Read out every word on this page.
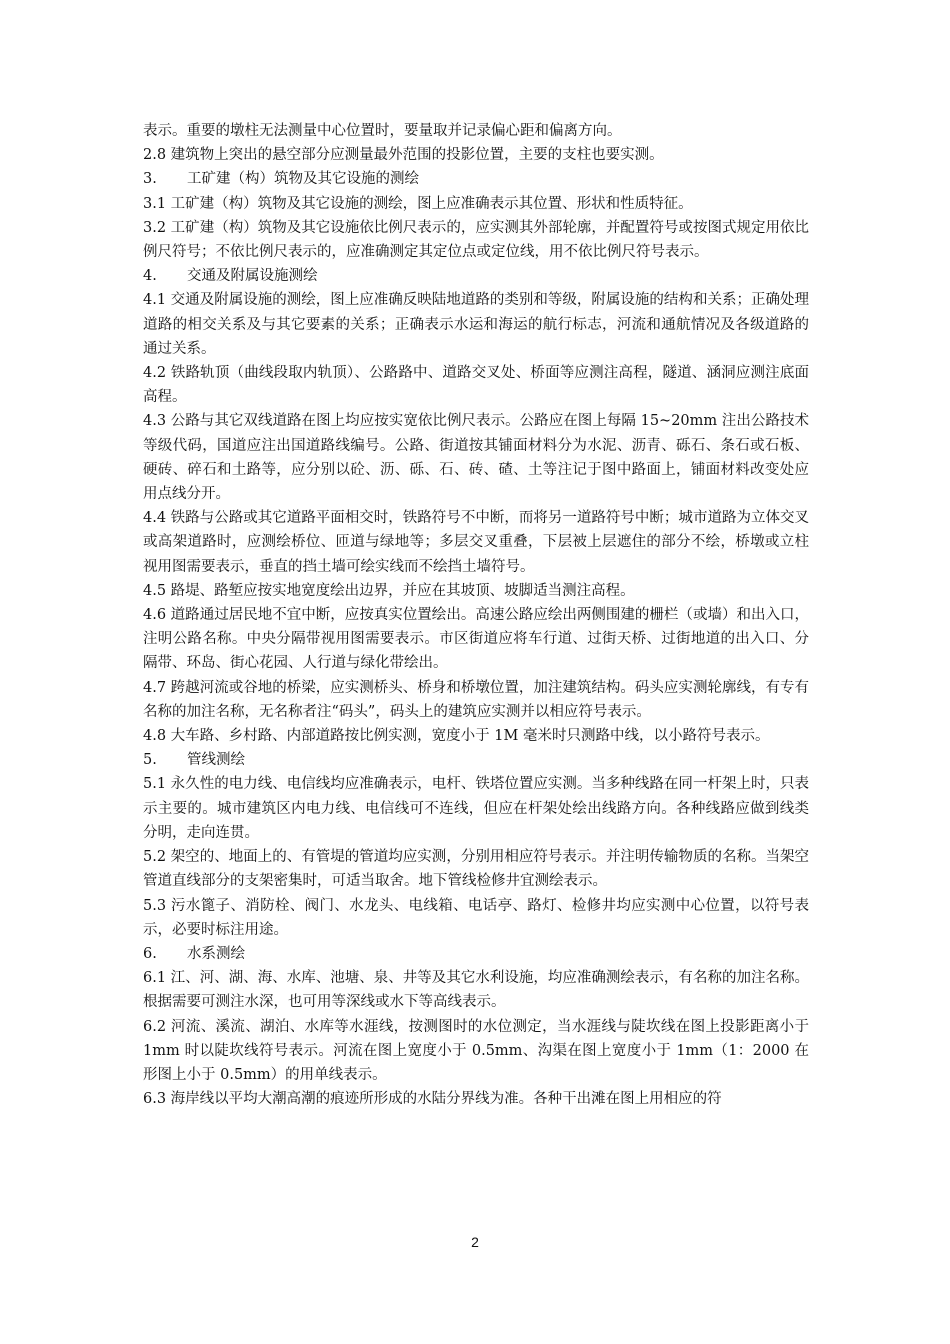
表示。重要的墩柱无法测量中心位置时，要量取并记录偏心距和偏离方向。

2.8 建筑物上突出的悬空部分应测量最外范围的投影位置，主要的支柱也要实测。

3. 工矿建（构）筑物及其它设施的测绘

3.1 工矿建（构）筑物及其它设施的测绘，图上应准确表示其位置、形状和性质特征。

3.2 工矿建（构）筑物及其它设施依比例尺表示的，应实测其外部轮廓，并配置符号或按图式规定用依比例尺符号；不依比例尺表示的，应准确测定其定位点或定位线，用不依比例尺符号表示。

4. 交通及附属设施测绘

4.1 交通及附属设施的测绘，图上应准确反映陆地道路的类别和等级，附属设施的结构和关系；正确处理道路的相交关系及与其它要素的关系；正确表示水运和海运的航行标志，河流和通航情况及各级道路的通过关系。

4.2 铁路轨顶（曲线段取内轨顶）、公路路中、道路交叉处、桥面等应测注高程，隧道、涵洞应测注底面高程。

4.3 公路与其它双线道路在图上均应按实宽依比例尺表示。公路应在图上每隔 15~20mm 注出公路技术等级代码，国道应注出国道路线编号。公路、街道按其铺面材料分为水泥、沥青、砾石、条石或石板、硬砖、碎石和土路等，应分别以砼、沥、砾、石、砖、碴、土等注记于图中路面上，铺面材料改变处应用点线分开。

4.4 铁路与公路或其它道路平面相交时，铁路符号不中断，而将另一道路符号中断；城市道路为立体交叉或高架道路时，应测绘桥位、匝道与绿地等；多层交叉重叠，下层被上层遮住的部分不绘，桥墩或立柱视用图需要表示，垂直的挡土墙可绘实线而不绘挡土墙符号。

4.5 路堤、路堑应按实地宽度绘出边界，并应在其坡顶、坡脚适当测注高程。

4.6 道路通过居民地不宜中断，应按真实位置绘出。高速公路应绘出两侧围建的栅栏（或墙）和出入口，注明公路名称。中央分隔带视用图需要表示。市区街道应将车行道、过街天桥、过街地道的出入口、分隔带、环岛、街心花园、人行道与绿化带绘出。

4.7 跨越河流或谷地的桥梁，应实测桥头、桥身和桥墩位置，加注建筑结构。码头应实测轮廓线，有专有名称的加注名称，无名称者注“码头”，码头上的建筑应实测并以相应符号表示。

4.8 大车路、乡村路、内部道路按比例实测，宽度小于 1M 毫米时只测路中线，以小路符号表示。

5. 管线测绘

5.1 永久性的电力线、电信线均应准确表示，电杆、铁塔位置应实测。当多种线路在同一杆架上时，只表示主要的。城市建筑区内电力线、电信线可不连线，但应在杆架处绘出线路方向。各种线路应做到线类分明，走向连贯。

5.2 架空的、地面上的、有管堤的管道均应实测，分别用相应符号表示。并注明传输物质的名称。当架空管道直线部分的支架密集时，可适当取舍。地下管线检修井宜测绘表示。

5.3 污水篦子、消防栓、阀门、水龙头、电线箱、电话亭、路灯、检修井均应实测中心位置，以符号表示，必要时标注用途。

6. 水系测绘

6.1 江、河、湖、海、水库、池塘、泉、井等及其它水利设施，均应准确测绘表示，有名称的加注名称。根据需要可测注水深，也可用等深线或水下等高线表示。

6.2 河流、溪流、湖泊、水库等水涯线，按测图时的水位测定，当水涯线与陡坎线在图上投影距离小于 1mm 时以陡坎线符号表示。河流在图上宽度小于 0.5mm、沟渠在图上宽度小于 1mm（1：2000 在形图上小于 0.5mm）的用单线表示。

6.3 海岸线以平均大潮高潮的痕迹所形成的水陆分界线为准。各种干出滩在图上用相应的符

2
